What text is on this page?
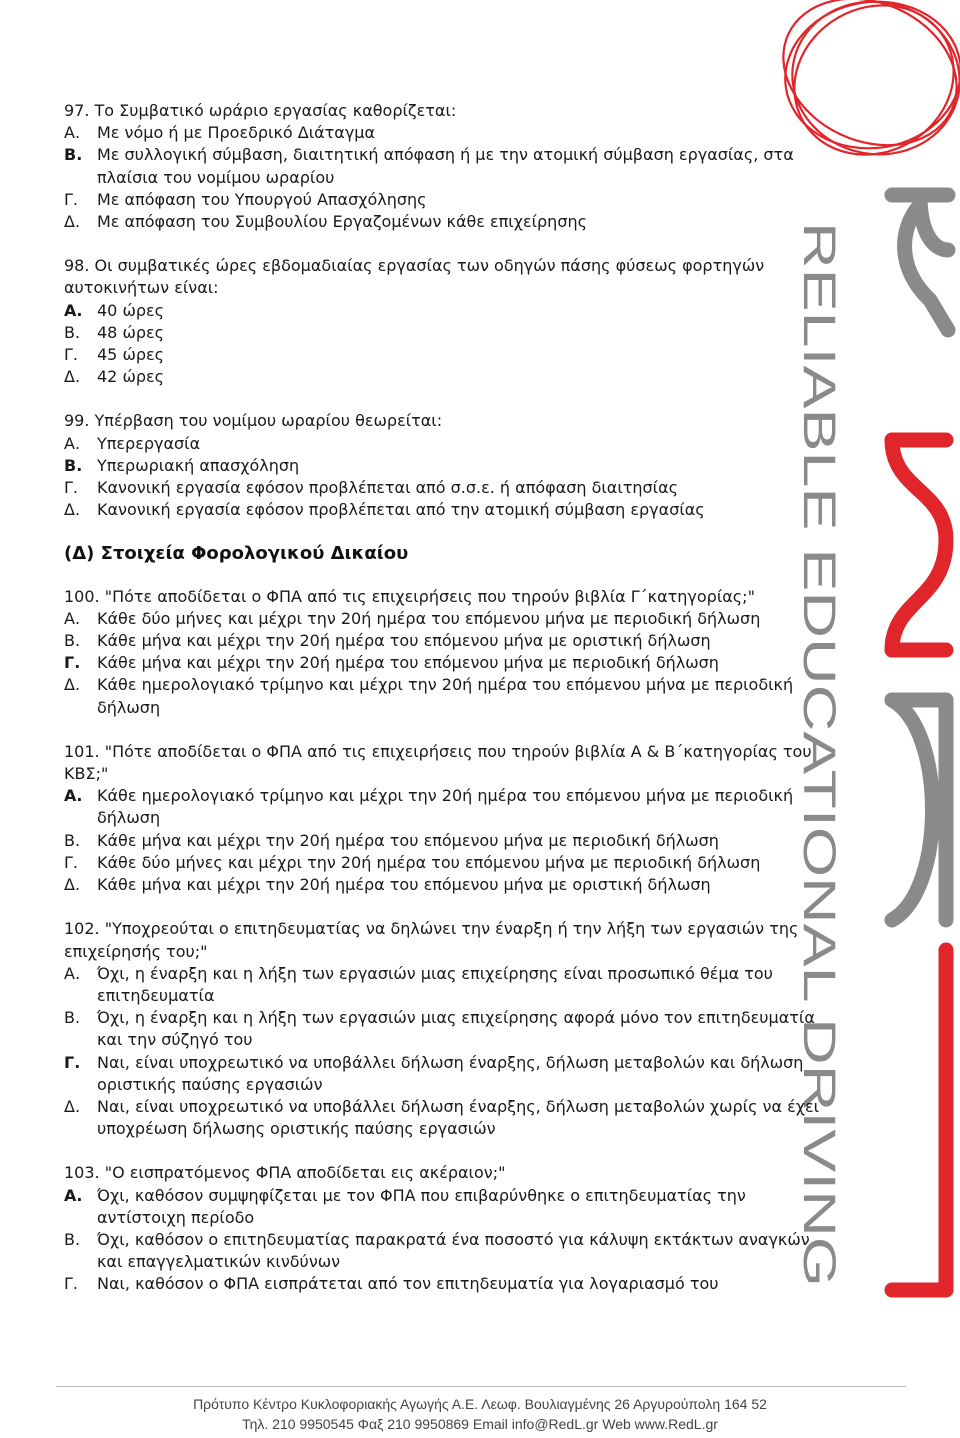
RELIABLE EDUCATIONAL DRIVING
97. Το Συμβατικό ωράριο εργασίας καθορίζεται:
Α.	Με νόμο ή με Προεδρικό Διάταγμα
Β. Με συλλογική σύμβαση, διαιτητική απόφαση ή με την ατομική σύμβαση εργασίας, στα πλαίσια του νομίμου ωραρίου
Γ.	Με απόφαση του Υπουργού Απασχόλησης
Δ.	Με απόφαση του Συμβουλίου Εργαζομένων κάθε επιχείρησης
98. Οι συμβατικές ώρες εβδομαδιαίας εργασίας των οδηγών πάσης φύσεως φορτηγών αυτοκινήτων είναι:
Α. 40 ώρες
Β.	48 ώρες
Γ.	45 ώρες
Δ.	42 ώρες
99. Υπέρβαση του νομίμου ωραρίου θεωρείται:
Α.	Υπερεργασία
Β. Υπερωριακή απασχόληση
Γ.	Κανονική εργασία εφόσον προβλέπεται από σ.σ.ε. ή απόφαση διαιτησίας
Δ.	Κανονική εργασία εφόσον προβλέπεται από την ατομική σύμβαση εργασίας
(Δ) Στοιχεία Φορολογικού Δικαίου
100. "Πότε αποδίδεται ο ΦΠΑ από τις επιχειρήσεις που τηρούν βιβλία Γ΄κατηγορίας;"
Α.	Κάθε δύο μήνες και μέχρι την 20ή ημέρα του επόμενου μήνα με περιοδική δήλωση
Β.	Κάθε μήνα και μέχρι την 20ή ημέρα του επόμενου μήνα με οριστική δήλωση
Γ.	Κάθε μήνα και μέχρι την 20ή ημέρα του επόμενου μήνα με περιοδική δήλωση
Δ.	Κάθε ημερολογιακό τρίμηνο και μέχρι την 20ή ημέρα του επόμενου μήνα με περιοδική δήλωση
101. "Πότε αποδίδεται ο ΦΠΑ από τις επιχειρήσεις που τηρούν βιβλία Α & Β΄κατηγορίας του ΚΒΣ;"
Α. Κάθε ημερολογιακό τρίμηνο και μέχρι την 20ή ημέρα του επόμενου μήνα με περιοδική δήλωση
Β.	Κάθε μήνα και μέχρι την 20ή ημέρα του επόμενου μήνα με περιοδική δήλωση
Γ.	Κάθε δύο μήνες και μέχρι την 20ή ημέρα του επόμενου μήνα με περιοδική δήλωση
Δ.	Κάθε μήνα και μέχρι την 20ή ημέρα του επόμενου μήνα με οριστική δήλωση
102. "Υποχρεούται ο επιτηδευματίας να δηλώνει την έναρξη ή την λήξη των εργασιών της επιχείρησής του;"
Α.	Όχι, η έναρξη και η λήξη των εργασιών μιας επιχείρησης είναι προσωπικό θέμα του επιτηδευματία
Β.	Όχι, η έναρξη και η λήξη των εργασιών μιας επιχείρησης αφορά μόνο τον επιτηδευματία και την σύζηγό του
Γ.	Ναι, είναι υποχρεωτικό να υποβάλλει δήλωση έναρξης, δήλωση μεταβολών και δήλωση οριστικής παύσης εργασιών
Δ.	Ναι, είναι υποχρεωτικό να υποβάλλει δήλωση έναρξης, δήλωση μεταβολών χωρίς να έχει υποχρέωση δήλωσης οριστικής παύσης εργασιών
103. "Ο εισπρατόμενος ΦΠΑ αποδίδεται εις ακέραιον;"
Α. Όχι, καθόσον συμψηφίζεται με τον ΦΠΑ που επιβαρύνθηκε ο επιτηδευματίας την αντίστοιχη περίοδο
Β.	Όχι, καθόσον ο επιτηδευματίας παρακρατά ένα ποσοστό για κάλυψη εκτάκτων αναγκών και επαγγελματικών κινδύνων
Γ.	Ναι, καθόσον ο ΦΠΑ εισπράτεται από τον επιτηδευματία για λογαριασμό του
Πρότυπο Κέντρο Κυκλοφοριακής Αγωγής Α.Ε. Λεωφ. Βουλιαγμένης 26 Αργυρούπολη 164 52
Τηλ. 210 9950545 Φαξ 210 9950869 Email info@RedL.gr Web www.RedL.gr
